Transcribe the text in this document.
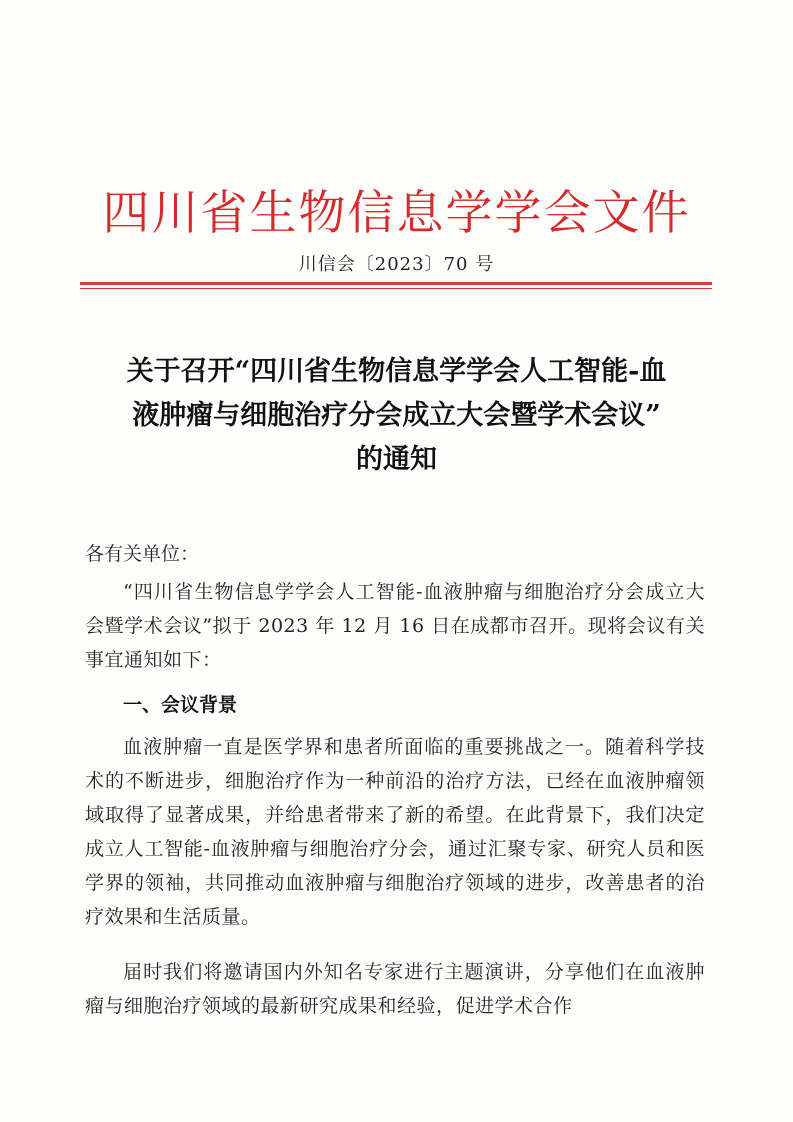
四川省生物信息学学会文件
川信会〔2023〕70 号
关于召开“四川省生物信息学学会人工智能-血
液肿瘤与细胞治疗分会成立大会暨学术会议”
的通知
各有关单位：
“四川省生物信息学学会人工智能-血液肿瘤与细胞治疗分会成立大会暨学术会议”拟于 2023 年 12 月 16 日在成都市召开。现将会议有关事宜通知如下：
一、会议背景
血液肿瘤一直是医学界和患者所面临的重要挑战之一。随着科学技术的不断进步，细胞治疗作为一种前沿的治疗方法，已经在血液肿瘤领域取得了显著成果，并给患者带来了新的希望。在此背景下，我们决定成立人工智能-血液肿瘤与细胞治疗分会，通过汇聚专家、研究人员和医学界的领袖，共同推动血液肿瘤与细胞治疗领域的进步，改善患者的治疗效果和生活质量。
届时我们将邀请国内外知名专家进行主题演讲，分享他们在血液肿瘤与细胞治疗领域的最新研究成果和经验，促进学术合作
